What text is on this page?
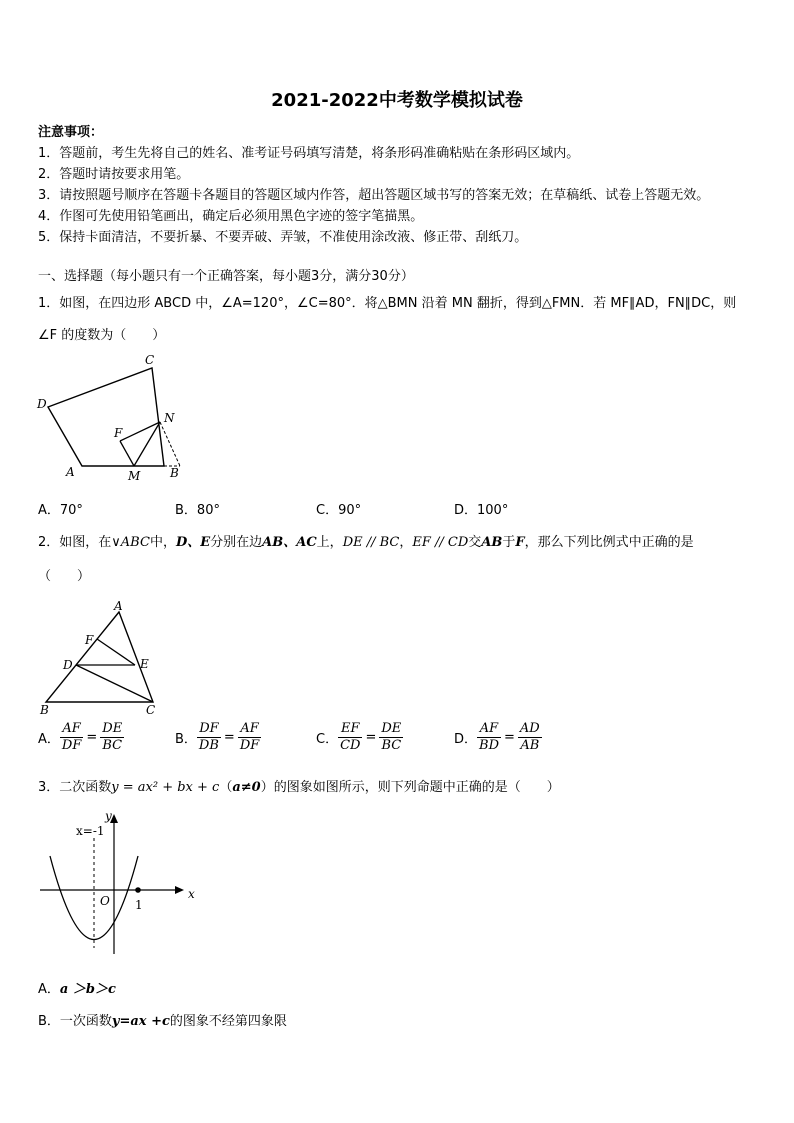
2021-2022中考数学模拟试卷
注意事项：
1．答题前，考生先将自己的姓名、准考证号码填写清楚，将条形码准确粘贴在条形码区域内。
2．答题时请按要求用笔。
3．请按照题号顺序在答题卡各题目的答题区域内作答，超出答题区域书写的答案无效；在草稿纸、试卷上答题无效。
4．作图可先使用铅笔画出，确定后必须用黑色字迹的签字笔描黑。
5．保持卡面清洁，不要折暴、不要弄破、弄皱，不准使用涂改液、修正带、刮纸刀。
一、选择题（每小题只有一个正确答案，每小题3分，满分30分）
1．如图，在四边形 ABCD 中，∠A=120°，∠C=80°．将△BMN 沿着 MN 翻折，得到△FMN．若 MF∥AD，FN∥DC，则
∠F 的度数为（　　）
C
D
N
F
A	M B
A．70°	B．80°	C．90°	D．100°
2．如图，在∨ABC中，D、E分别在边AB、AC上，DE // BC，EF // CD交AB于F，那么下列比例式中正确的是
（　　）
A
F
D	E
B	C
A． $\frac{AF}{DF} = \frac{DE}{BC}$	B． $\frac{DF}{DB} = \frac{AF}{DF}$	C． $\frac{EF}{CD} = \frac{DE}{BC}$	D． $\frac{AF}{BD} = \frac{AD}{AB}$
3．二次函数y = ax² + bx + c（a≠0）的图象如图所示，则下列命题中正确的是（　　）
y
x
O 1
x=-1
A．a ＞b＞c
B．一次函数y=ax +c的图象不经第四象限
